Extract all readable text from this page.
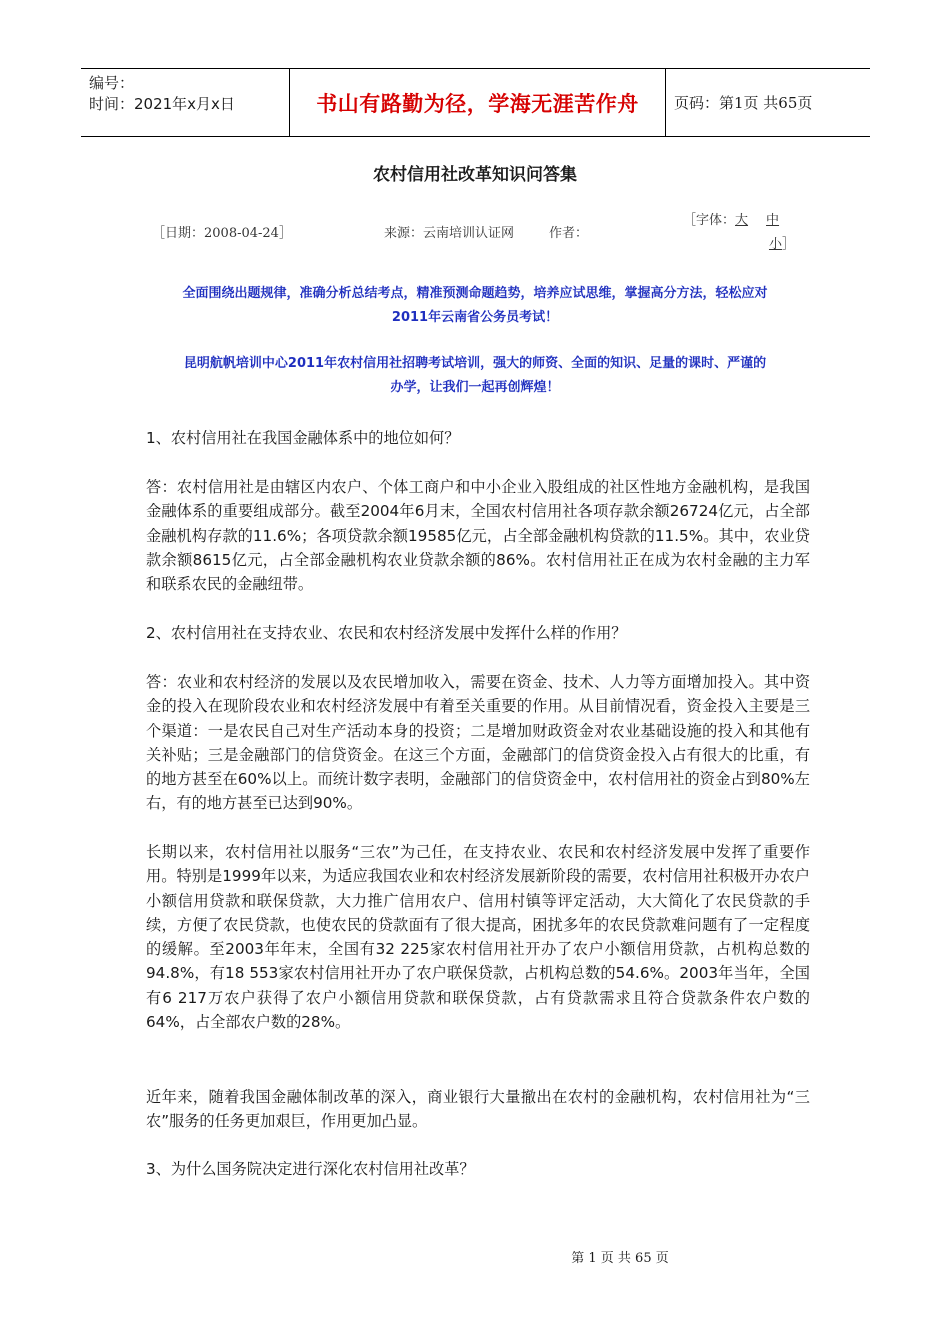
编号：
时间：2021年x月x日	书山有路勤为径，学海无涯苦作舟	页码：第1页 共65页
农村信用社改革知识问答集
［日期：2008-04-24］	来源：云南培训认证网	作者：
［字体：大 中
小］
全面围绕出题规律，准确分析总结考点，精准预测命题趋势，培养应试思维，掌握高分方法，轻松应对
2011年云南省公务员考试！
昆明航帆培训中心2011年农村信用社招聘考试培训，强大的师资、全面的知识、足量的课时、严谨的
办学，让我们一起再创辉煌！

1、农村信用社在我国金融体系中的地位如何？

答：农村信用社是由辖区内农户、个体工商户和中小企业入股组成的社区性地方金融机构，是我国金融体系的重要组成部分。截至2004年6月末，全国农村信用社各项存款余额26724亿元，占全部金融机构存款的11.6%；各项贷款余额19585亿元，占全部金融机构贷款的11.5%。其中，农业贷款余额8615亿元，占全部金融机构农业贷款余额的86%。农村信用社正在成为农村金融的主力军和联系农民的金融纽带。

2、农村信用社在支持农业、农民和农村经济发展中发挥什么样的作用？

答：农业和农村经济的发展以及农民增加收入，需要在资金、技术、人力等方面增加投入。其中资金的投入在现阶段农业和农村经济发展中有着至关重要的作用。从目前情况看，资金投入主要是三个渠道：一是农民自己对生产活动本身的投资；二是增加财政资金对农业基础设施的投入和其他有关补贴；三是金融部门的信贷资金。在这三个方面，金融部门的信贷资金投入占有很大的比重，有的地方甚至在60%以上。而统计数字表明，金融部门的信贷资金中，农村信用社的资金占到80%左右，有的地方甚至已达到90%。

长期以来，农村信用社以服务“三农”为己任，在支持农业、农民和农村经济发展中发挥了重要作用。特别是1999年以来，为适应我国农业和农村经济发展新阶段的需要，农村信用社积极开办农户小额信用贷款和联保贷款，大力推广信用农户、信用村镇等评定活动，大大简化了农民贷款的手续，方便了农民贷款，也使农民的贷款面有了很大提高，困扰多年的农民贷款难问题有了一定程度的缓解。至2003年年末，全国有32 225家农村信用社开办了农户小额信用贷款，占机构总数的94.8%，有18 553家农村信用社开办了农户联保贷款，占机构总数的54.6%。2003年当年，全国有6 217万农户获得了农户小额信用贷款和联保贷款，占有贷款需求且符合贷款条件农户数的64%，占全部农户数的28%。

近年来，随着我国金融体制改革的深入，商业银行大量撤出在农村的金融机构，农村信用社为“三农”服务的任务更加艰巨，作用更加凸显。

3、为什么国务院决定进行深化农村信用社改革？

第 1 页 共 65 页
